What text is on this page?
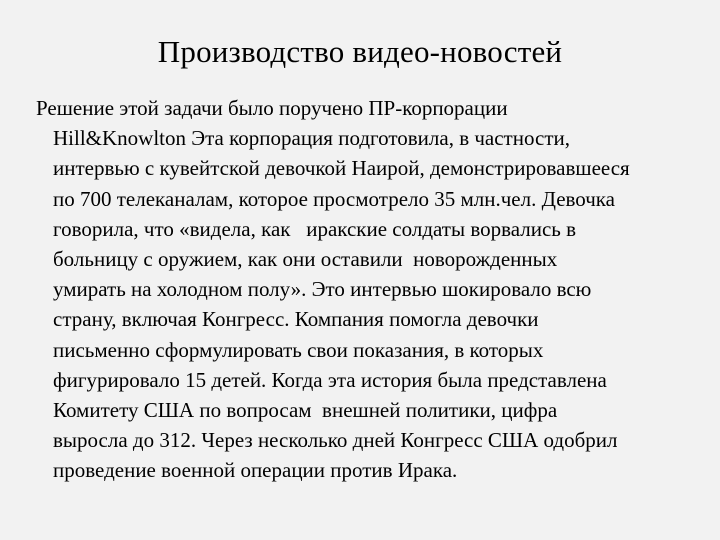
Производство видео-новостей
Решение этой задачи было поручено ПР-корпорации
Hill&Knowlton Эта корпорация подготовила, в частности,
интервью с кувейтской девочкой Наирой, демонстрировавшееся
по 700 телеканалам, которое просмотрело 35 млн.чел. Девочка
говорила, что «видела, как   иракские солдаты ворвались в
больницу с оружием, как они оставили  новорожденных
умирать на холодном полу». Это интервью шокировало всю
страну, включая Конгресс. Компания помогла девочки
письменно сформулировать свои показания, в которых
фигурировало 15 детей. Когда эта история была представлена
Комитету США по вопросам  внешней политики, цифра
выросла до 312. Через несколько дней Конгресс США одобрил
проведение военной операции против Ирака.
